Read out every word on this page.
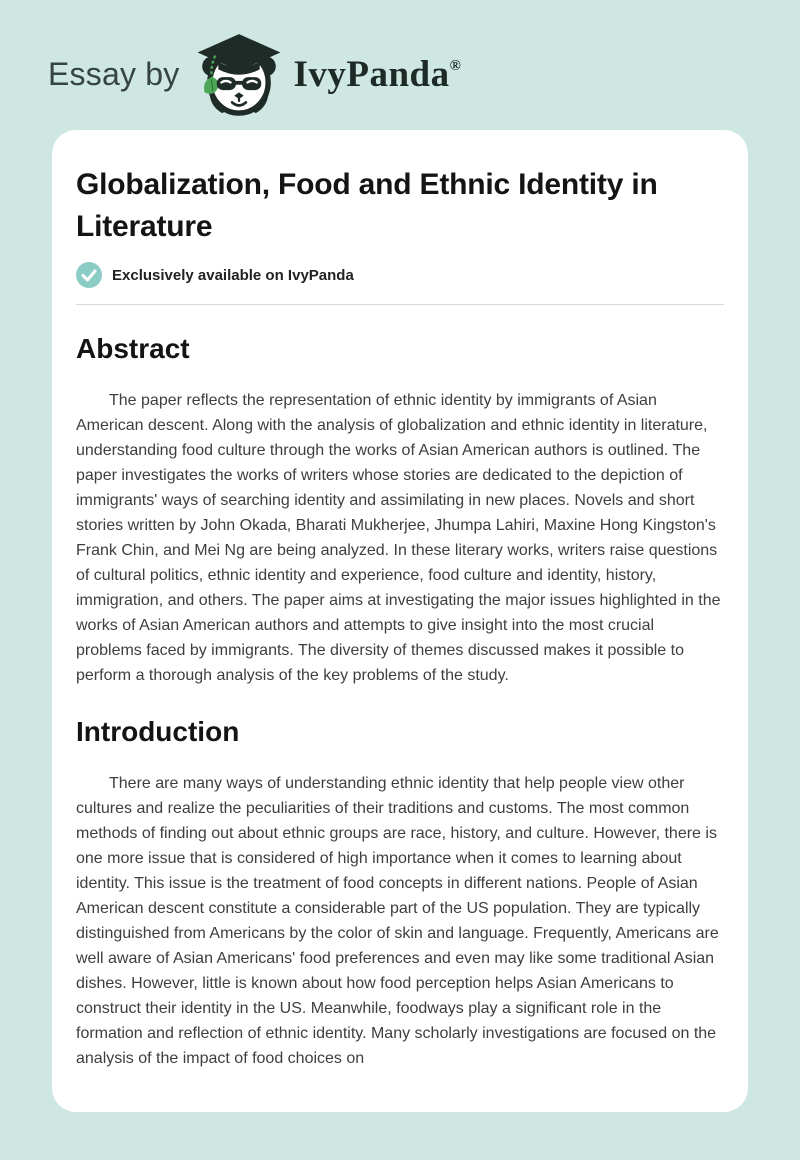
Essay by	IvyPanda®
Globalization, Food and Ethnic Identity in Literature
Exclusively available on IvyPanda
Abstract

The paper reflects the representation of ethnic identity by immigrants of Asian American descent. Along with the analysis of globalization and ethnic identity in literature, understanding food culture through the works of Asian American authors is outlined. The paper investigates the works of writers whose stories are dedicated to the depiction of immigrants' ways of searching identity and assimilating in new places. Novels and short stories written by John Okada, Bharati Mukherjee, Jhumpa Lahiri, Maxine Hong Kingston's Frank Chin, and Mei Ng are being analyzed. In these literary works, writers raise questions of cultural politics, ethnic identity and experience, food culture and identity, history, immigration, and others. The paper aims at investigating the major issues highlighted in the works of Asian American authors and attempts to give insight into the most crucial problems faced by immigrants. The diversity of themes discussed makes it possible to perform a thorough analysis of the key problems of the study.

Introduction

There are many ways of understanding ethnic identity that help people view other cultures and realize the peculiarities of their traditions and customs. The most common methods of finding out about ethnic groups are race, history, and culture. However, there is one more issue that is considered of high importance when it comes to learning about identity. This issue is the treatment of food concepts in different nations. People of Asian American descent constitute a considerable part of the US population. They are typically distinguished from Americans by the color of skin and language. Frequently, Americans are well aware of Asian Americans' food preferences and even may like some traditional Asian dishes. However, little is known about how food perception helps Asian Americans to construct their identity in the US. Meanwhile, foodways play a significant role in the formation and reflection of ethnic identity. Many scholarly investigations are focused on the analysis of the impact of food choices on
